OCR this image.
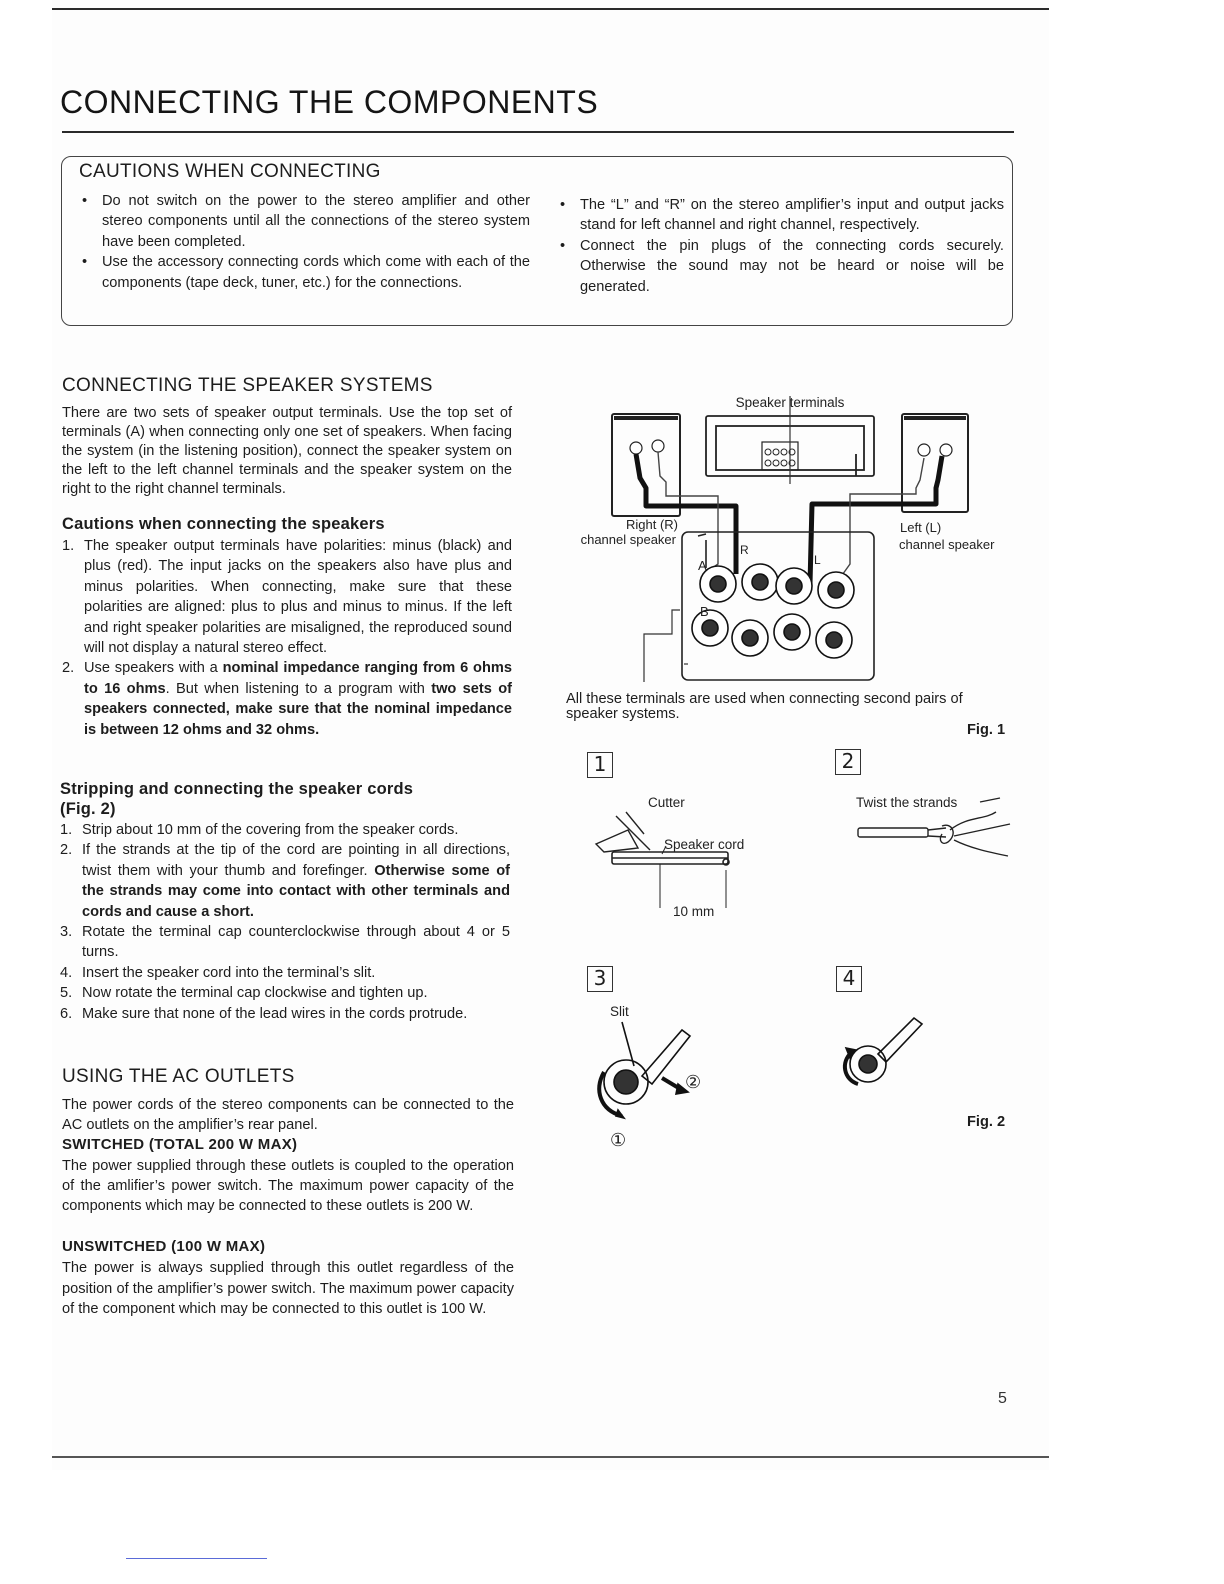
CONNECTING THE COMPONENTS
CAUTIONS WHEN CONNECTING
• Do not switch on the power to the stereo amplifier and other stereo components until all the connections of the stereo system have been completed.
• Use the accessory connecting cords which come with each of the components (tape deck, tuner, etc.) for the connections.
• The “L” and “R” on the stereo amplifier’s input and output jacks stand for left channel and right channel, respectively.
• Connect the pin plugs of the connecting cords securely. Otherwise the sound may not be heard or noise will be generated.
CONNECTING THE SPEAKER SYSTEMS

There are two sets of speaker output terminals. Use the top set of terminals (A) when connecting only one set of speakers. When facing the system (in the listening position), connect the speaker system on the left to the left channel terminals and the speaker system on the right to the right channel terminals.

Cautions when connecting the speakers
1. The speaker output terminals have polarities: minus (black) and plus (red). The input jacks on the speakers also have plus and minus polarities. When connecting, make sure that these polarities are aligned: plus to plus and minus to minus. If the left and right speaker polarities are misaligned, the reproduced sound will not display a natural stereo effect.
2. Use speakers with a nominal impedance ranging from 6 ohms to 16 ohms. But when listening to a program with two sets of speakers connected, make sure that the nominal impedance is between 12 ohms and 32 ohms.
Stripping and connecting the speaker cords
(Fig. 2)
1. Strip about 10 mm of the covering from the speaker cords.
2. If the strands at the tip of the cord are pointing in all directions, twist them with your thumb and forefinger. Otherwise some of the strands may come into contact with other terminals and cords and cause a short.
3. Rotate the terminal cap counterclockwise through about 4 or 5 turns.
4. Insert the speaker cord into the terminal’s slit.
5. Now rotate the terminal cap clockwise and tighten up.
6. Make sure that none of the lead wires in the cords protrude.
USING THE AC OUTLETS

The power cords of the stereo components can be connected to the AC outlets on the amplifier’s rear panel.

SWITCHED (TOTAL 200 W MAX)

The power supplied through these outlets is coupled to the operation of the amlifier’s power switch. The maximum power capacity of the components which may be connected to these outlets is 200 W.

UNSWITCHED (100 W MAX)

The power is always supplied through this outlet regardless of the position of the amplifier’s power switch. The maximum power capacity of the component which may be connected to this outlet is 100 W.

Speaker terminals
Right (R)
channel speaker
Left (L)
channel speaker
A
B
R
L

All these terminals are used when connecting second pairs of speaker systems.

Fig. 1
1	2
3	4
Cutter
Speaker cord
10 mm
Twist the strands
Slit
②
①
Fig. 2
5
